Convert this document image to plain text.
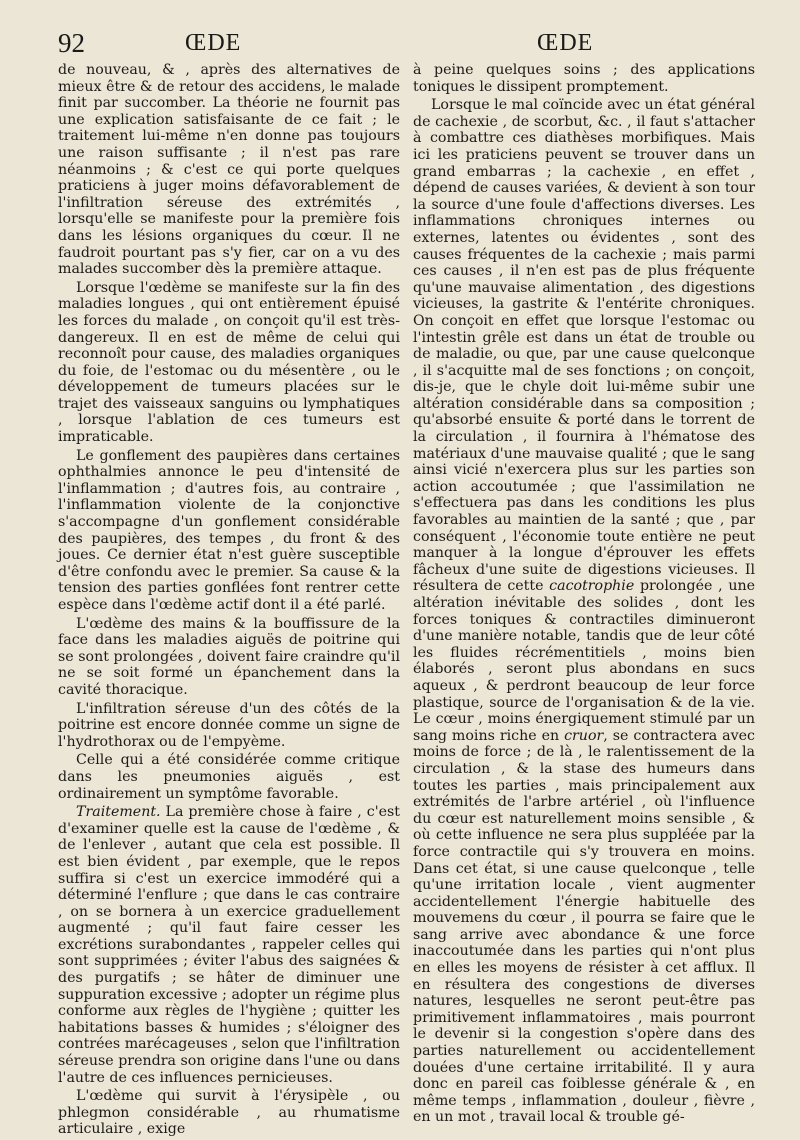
92	ŒDE	ŒDE

de nouveau, & , après des alternatives de mieux être & de retour des accidens, le malade finit par succomber. La théorie ne fournit pas une explication satisfaisante de ce fait ; le traitement lui-même n'en donne pas toujours une raison suffisante ; il n'est pas rare néanmoins ; & c'est ce qui porte quelques praticiens à juger moins défavorablement de l'infiltration séreuse des extrémités , lorsqu'elle se manifeste pour la première fois dans les lésions organiques du cœur. Il ne faudroit pourtant pas s'y fier, car on a vu des malades succomber dès la première attaque.

Lorsque l'œdème se manifeste sur la fin des maladies longues , qui ont entièrement épuisé les forces du malade , on conçoit qu'il est très-dangereux. Il en est de même de celui qui reconnoît pour cause, des maladies organiques du foie, de l'estomac ou du mésentère , ou le développement de tumeurs placées sur le trajet des vaisseaux sanguins ou lymphatiques , lorsque l'ablation de ces tumeurs est impraticable.

Le gonflement des paupières dans certaines ophthalmies annonce le peu d'intensité de l'inflammation ; d'autres fois, au contraire , l'inflammation violente de la conjonctive s'accompagne d'un gonflement considérable des paupières, des tempes , du front & des joues. Ce dernier état n'est guère susceptible d'être confondu avec le premier. Sa cause & la tension des parties gonflées font rentrer cette espèce dans l'œdème actif dont il a été parlé.

L'œdème des mains & la bouffissure de la face dans les maladies aiguës de poitrine qui se sont prolongées , doivent faire craindre qu'il ne se soit formé un épanchement dans la cavité thoracique.

L'infiltration séreuse d'un des côtés de la poitrine est encore donnée comme un signe de l'hydrothorax ou de l'empyème.

Celle qui a été considérée comme critique dans les pneumonies aiguës , est ordinairement un symptôme favorable.

Traitement. La première chose à faire , c'est d'examiner quelle est la cause de l'œdème , & de l'enlever , autant que cela est possible. Il est bien évident , par exemple, que le repos suffira si c'est un exercice immodéré qui a déterminé l'enflure ; que dans le cas contraire , on se bornera à un exercice graduellement augmenté ; qu'il faut faire cesser les excrétions surabondantes , rappeler celles qui sont supprimées ; éviter l'abus des saignées & des purgatifs ; se hâter de diminuer une suppuration excessive ; adopter un régime plus conforme aux règles de l'hygiène ; quitter les habitations basses & humides ; s'éloigner des contrées marécageuses , selon que l'infiltration séreuse prendra son origine dans l'une ou dans l'autre de ces influences pernicieuses.

L'œdème qui survit à l'érysipèle , ou phlegmon considérable , au rhumatisme articulaire , exige

à peine quelques soins ; des applications toniques le dissipent promptement.

Lorsque le mal coïncide avec un état général de cachexie , de scorbut, &c. , il faut s'attacher à combattre ces diathèses morbifiques. Mais ici les praticiens peuvent se trouver dans un grand embarras ; la cachexie , en effet , dépend de causes variées, & devient à son tour la source d'une foule d'affections diverses. Les inflammations chroniques internes ou externes, latentes ou évidentes , sont des causes fréquentes de la cachexie ; mais parmi ces causes , il n'en est pas de plus fréquente qu'une mauvaise alimentation , des digestions vicieuses, la gastrite & l'entérite chroniques. On conçoit en effet que lorsque l'estomac ou l'intestin grêle est dans un état de trouble ou de maladie, ou que, par une cause quelconque , il s'acquitte mal de ses fonctions ; on conçoit, dis-je, que le chyle doit lui-même subir une altération considérable dans sa composition ; qu'absorbé ensuite & porté dans le torrent de la circulation , il fournira à l'hématose des matériaux d'une mauvaise qualité ; que le sang ainsi vicié n'exercera plus sur les parties son action accoutumée ; que l'assimilation ne s'effectuera pas dans les conditions les plus favorables au maintien de la santé ; que , par conséquent , l'économie toute entière ne peut manquer à la longue d'éprouver les effets fâcheux d'une suite de digestions vicieuses. Il résultera de cette cacotrophie prolongée , une altération inévitable des solides , dont les forces toniques & contractiles diminueront d'une manière notable, tandis que de leur côté les fluides récrémentitiels , moins bien élaborés , seront plus abondans en sucs aqueux , & perdront beaucoup de leur force plastique, source de l'organisation & de la vie. Le cœur , moins énergiquement stimulé par un sang moins riche en cruor, se contractera avec moins de force ; de là , le ralentissement de la circulation , & la stase des humeurs dans toutes les parties , mais principalement aux extrémités de l'arbre artériel , où l'influence du cœur est naturellement moins sensible , & où cette influence ne sera plus suppléée par la force contractile qui s'y trouvera en moins. Dans cet état, si une cause quelconque , telle qu'une irritation locale , vient augmenter accidentellement l'énergie habituelle des mouvemens du cœur , il pourra se faire que le sang arrive avec abondance & une force inaccoutumée dans les parties qui n'ont plus en elles les moyens de résister à cet afflux. Il en résultera des congestions de diverses natures, lesquelles ne seront peut-être pas primitivement inflammatoires , mais pourront le devenir si la congestion s'opère dans des parties naturellement ou accidentellement douées d'une certaine irritabilité. Il y aura donc en pareil cas foiblesse générale & , en même temps , inflammation , douleur , fièvre , en un mot , travail local & trouble gé-
